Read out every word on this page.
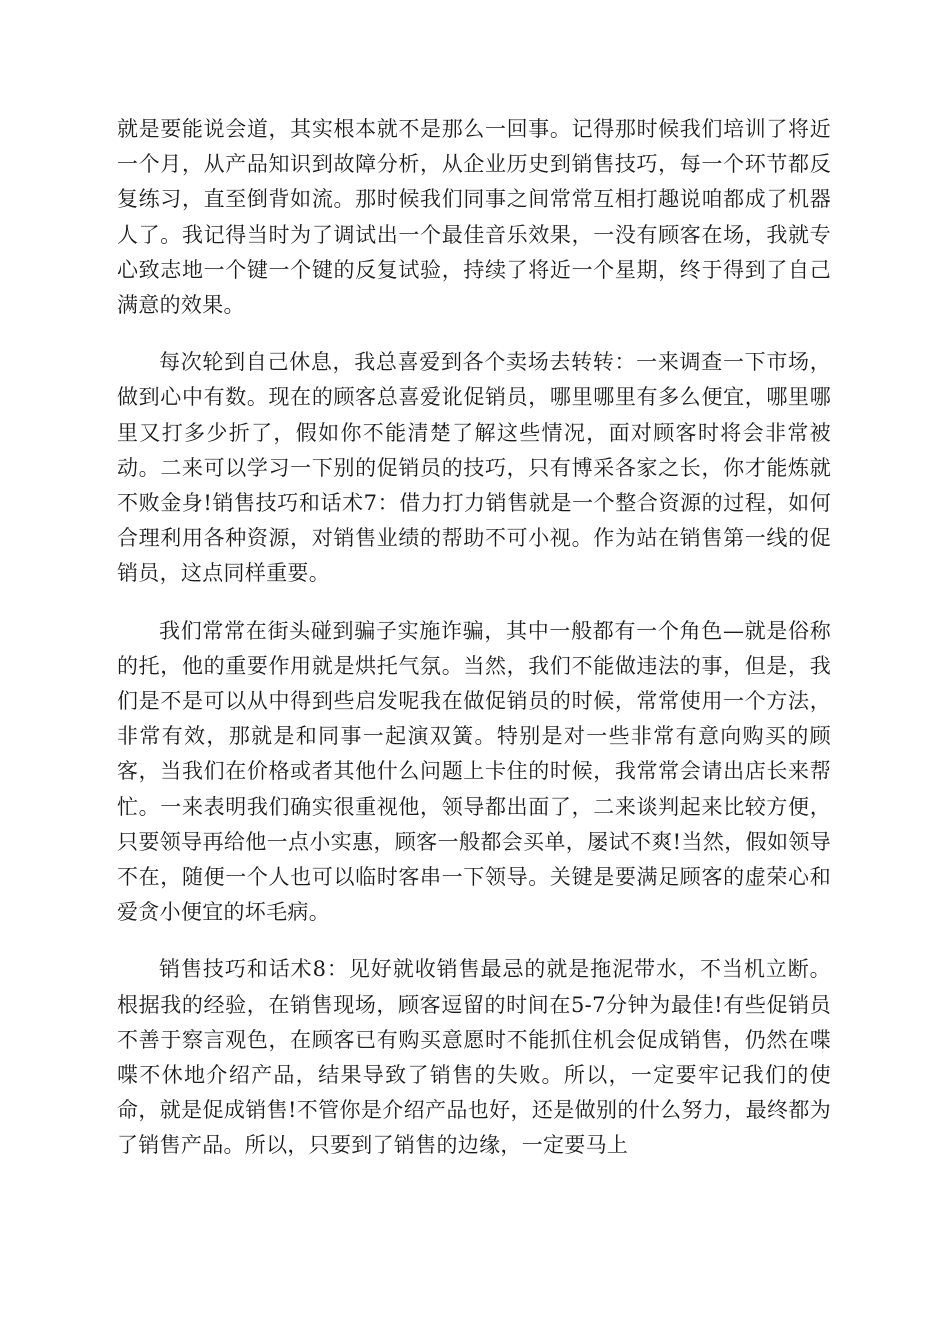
就是要能说会道，其实根本就不是那么一回事。记得那时候我们培训了将近一个月，从产品知识到故障分析，从企业历史到销售技巧，每一个环节都反复练习，直至倒背如流。那时候我们同事之间常常互相打趣说咱都成了机器人了。我记得当时为了调试出一个最佳音乐效果，一没有顾客在场，我就专心致志地一个键一个键的反复试验，持续了将近一个星期，终于得到了自己满意的效果。

每次轮到自己休息，我总喜爱到各个卖场去转转：一来调查一下市场，做到心中有数。现在的顾客总喜爱讹促销员，哪里哪里有多么便宜，哪里哪里又打多少折了，假如你不能清楚了解这些情况，面对顾客时将会非常被动。二来可以学习一下别的促销员的技巧，只有博采各家之长，你才能炼就不败金身!销售技巧和话术7：借力打力销售就是一个整合资源的过程，如何合理利用各种资源，对销售业绩的帮助不可小视。作为站在销售第一线的促销员，这点同样重要。

我们常常在街头碰到骗子实施诈骗，其中一般都有一个角色—就是俗称的托，他的重要作用就是烘托气氛。当然，我们不能做违法的事，但是，我们是不是可以从中得到些启发呢我在做促销员的时候，常常使用一个方法，非常有效，那就是和同事一起演双簧。特别是对一些非常有意向购买的顾客，当我们在价格或者其他什么问题上卡住的时候，我常常会请出店长来帮忙。一来表明我们确实很重视他，领导都出面了，二来谈判起来比较方便，只要领导再给他一点小实惠，顾客一般都会买单，屡试不爽!当然，假如领导不在，随便一个人也可以临时客串一下领导。关键是要满足顾客的虚荣心和爱贪小便宜的坏毛病。

销售技巧和话术8：见好就收销售最忌的就是拖泥带水，不当机立断。根据我的经验，在销售现场，顾客逗留的时间在5-7分钟为最佳!有些促销员不善于察言观色，在顾客已有购买意愿时不能抓住机会促成销售，仍然在喋喋不休地介绍产品，结果导致了销售的失败。所以，一定要牢记我们的使命，就是促成销售!不管你是介绍产品也好，还是做别的什么努力，最终都为了销售产品。所以，只要到了销售的边缘，一定要马上
